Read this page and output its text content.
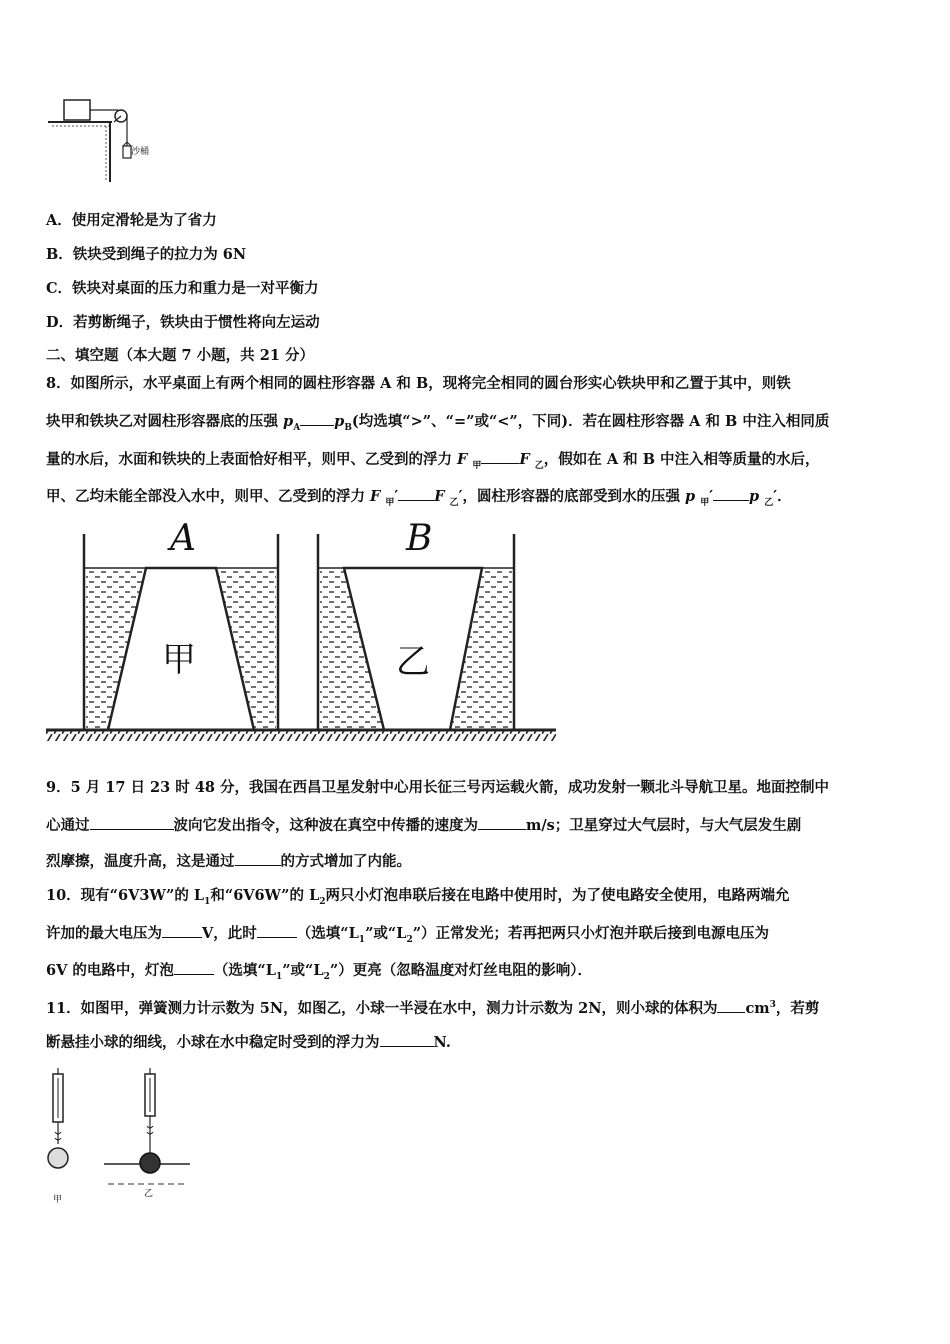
沙桶
A．使用定滑轮是为了省力
B．铁块受到绳子的拉力为 6N
C．铁块对桌面的压力和重力是一对平衡力
D．若剪断绳子，铁块由于惯性将向左运动
二、填空题（本大题 7 小题，共 21 分）
8．如图所示，水平桌面上有两个相同的圆柱形容器 A 和 B，现将完全相同的圆台形实心铁块甲和乙置于其中，则铁
块甲和铁块乙对圆柱形容器底的压强 $p_A$ $p_B$(均选填“>”、“=”或“<”，下同)．若在圆柱形容器 A 和 B 中注入相同质
量的水后，水面和铁块的上表面恰好相平，则甲、乙受到的浮力 F $_甲$	F $_乙$，假如在 A 和 B 中注入相等质量的水后，
甲、乙均未能全部没入水中，则甲、乙受到的浮力 F $_甲$′ F $_乙$′，圆柱形容器的底部受到水的压强 p $_甲$′ p $_乙$′．
A	B
甲	乙
9．5 月 17 日 23 时 48 分，我国在西昌卫星发射中心用长征三号丙运载火箭，成功发射一颗北斗导航卫星。地面控制中
心通过	波向它发出指令，这种波在真空中传播的速度为	m/s；卫星穿过大气层时，与大气层发生剧
烈摩擦，温度升高，这是通过	的方式增加了内能。
10．现有“6V3W”的 $L_1$和“6V6W”的 $L_2$两只小灯泡串联后接在电路中使用时，为了使电路安全使用，电路两端允
许加的最大电压为	V，此时	（选填“$L_1$”或“$L_2$”）正常发光；若再把两只小灯泡并联后接到电源电压为
6V 的电路中，灯泡	（选填“$L_1$”或“$L_2$”）更亮（忽略温度对灯丝电阻的影响）．
11．如图甲，弹簧测力计示数为 5N，如图乙，小球一半浸在水中，测力计示数为 2N，则小球的体积为 $cm^3$，若剪
断悬挂小球的细线，小球在水中稳定时受到的浮力为	N.
甲
乙
